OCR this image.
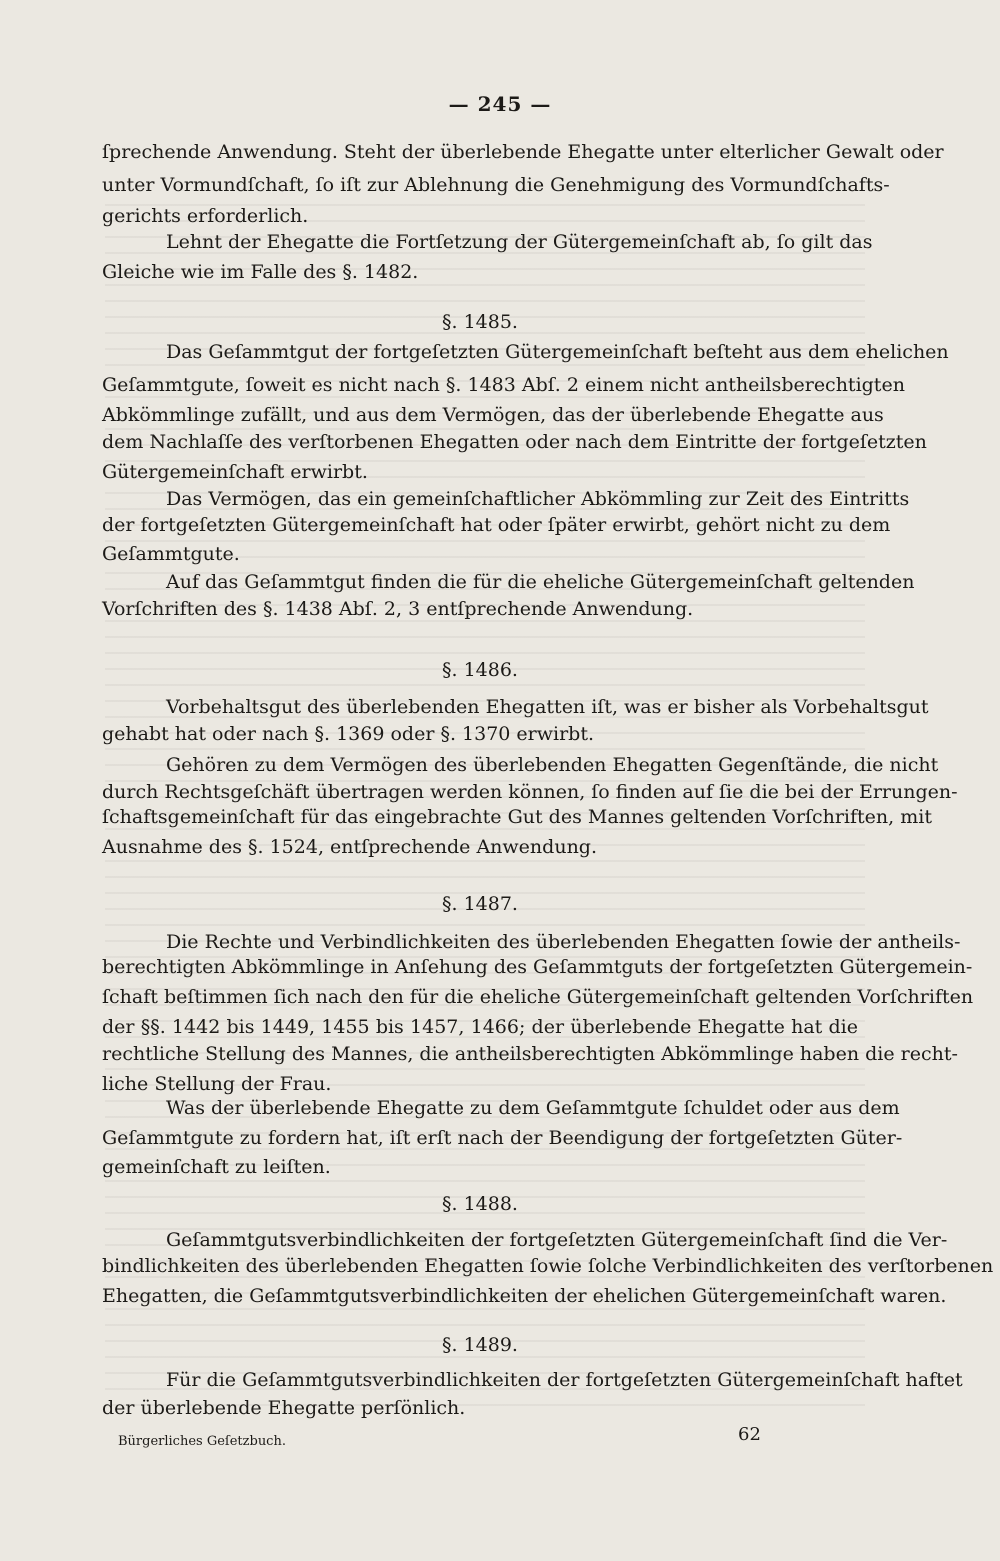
— 245 —
ſprechende Anwendung. Steht der überlebende Ehegatte unter elterlicher Gewalt oder
unter Vormundſchaft, ſo iſt zur Ablehnung die Genehmigung des Vormundſchafts-
gerichts erforderlich.
Lehnt der Ehegatte die Fortſetzung der Gütergemeinſchaft ab, ſo gilt das
Gleiche wie im Falle des §. 1482.
§. 1485.
Das Geſammtgut der fortgeſetzten Gütergemeinſchaft beſteht aus dem ehelichen
Geſammtgute, ſoweit es nicht nach §. 1483 Abſ. 2 einem nicht antheilsberechtigten
Abkömmlinge zufällt, und aus dem Vermögen, das der überlebende Ehegatte aus
dem Nachlaſſe des verſtorbenen Ehegatten oder nach dem Eintritte der fortgeſetzten
Gütergemeinſchaft erwirbt.
Das Vermögen, das ein gemeinſchaftlicher Abkömmling zur Zeit des Eintritts
der fortgeſetzten Gütergemeinſchaft hat oder ſpäter erwirbt, gehört nicht zu dem
Geſammtgute.
Auf das Geſammtgut finden die für die eheliche Gütergemeinſchaft geltenden
Vorſchriften des §. 1438 Abſ. 2, 3 entſprechende Anwendung.
§. 1486.
Vorbehaltsgut des überlebenden Ehegatten iſt, was er bisher als Vorbehaltsgut
gehabt hat oder nach §. 1369 oder §. 1370 erwirbt.
Gehören zu dem Vermögen des überlebenden Ehegatten Gegenſtände, die nicht
durch Rechtsgeſchäft übertragen werden können, ſo finden auf ſie die bei der Errungen-
ſchaftsgemeinſchaft für das eingebrachte Gut des Mannes geltenden Vorſchriften, mit
Ausnahme des §. 1524, entſprechende Anwendung.
§. 1487.
Die Rechte und Verbindlichkeiten des überlebenden Ehegatten ſowie der antheils-
berechtigten Abkömmlinge in Anſehung des Geſammtguts der fortgeſetzten Gütergemein-
ſchaft beſtimmen ſich nach den für die eheliche Gütergemeinſchaft geltenden Vorſchriften
der §§. 1442 bis 1449, 1455 bis 1457, 1466; der überlebende Ehegatte hat die
rechtliche Stellung des Mannes, die antheilsberechtigten Abkömmlinge haben die recht-
liche Stellung der Frau.
Was der überlebende Ehegatte zu dem Geſammtgute ſchuldet oder aus dem
Geſammtgute zu fordern hat, iſt erſt nach der Beendigung der fortgeſetzten Güter-
gemeinſchaft zu leiſten.
§. 1488.
Geſammtgutsverbindlichkeiten der fortgeſetzten Gütergemeinſchaft ſind die Ver-
bindlichkeiten des überlebenden Ehegatten ſowie ſolche Verbindlichkeiten des verſtorbenen
Ehegatten, die Geſammtgutsverbindlichkeiten der ehelichen Gütergemeinſchaft waren.
§. 1489.
Für die Geſammtgutsverbindlichkeiten der fortgeſetzten Gütergemeinſchaft haftet
der überlebende Ehegatte perſönlich.
Bürgerliches Geſetzbuch.	62
